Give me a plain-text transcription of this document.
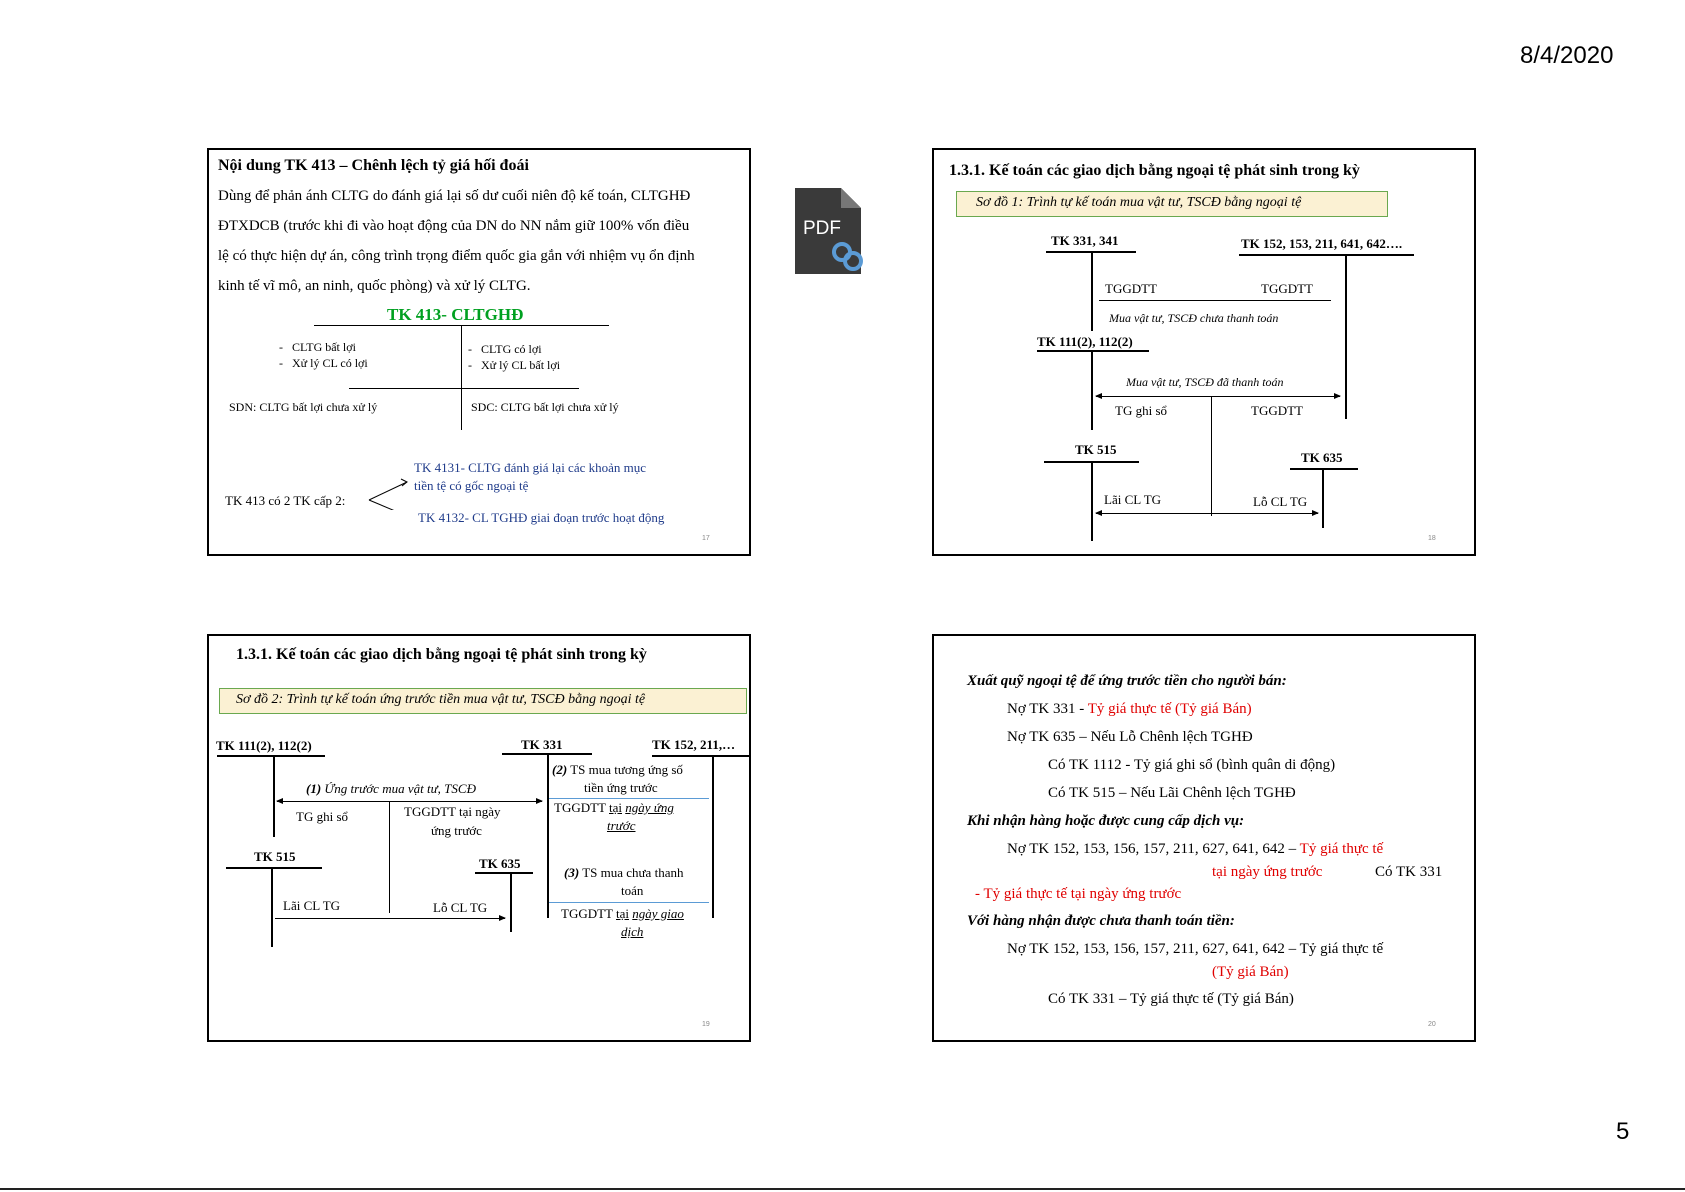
8/4/2020
Nội dung TK 413 – Chênh lệch tỷ giá hối đoái
Dùng để phản ánh CLTG do đánh giá lại số dư cuối niên độ kế toán, CLTGHĐ
ĐTXDCB (trước khi đi vào hoạt động của DN do NN nắm giữ 100% vốn điều
lệ có thực hiện dự án, công trình trọng điểm quốc gia gắn với nhiệm vụ ổn định
kinh tế vĩ mô, an ninh, quốc phòng) và xử lý CLTG.
TK 413- CLTGHĐ
-   CLTG bất lợi
-   Xử lý CL có lợi
-   CLTG có lợi
-   Xử lý CL bất lợi
SDN: CLTG bất lợi chưa xử lý	SDC: CLTG bất lợi chưa xử lý
TK 413 có 2 TK cấp 2:
TK 4131- CLTG đánh giá lại các khoản mục
tiền tệ có gốc ngoại tệ
TK 4132- CL TGHĐ giai đoạn trước hoạt động
17
PDF
1.3.1. Kế toán các giao dịch bằng ngoại tệ phát sinh trong kỳ
Sơ đồ 1: Trình tự kế toán mua vật tư, TSCĐ bằng ngoại tệ
TK 331, 341	TK 152, 153, 211, 641, 642….
TGGDTT	TGGDTT
Mua vật tư, TSCĐ chưa thanh toán
TK 111(2), 112(2)
Mua vật tư, TSCĐ đã thanh toán
TG ghi sổ	TGGDTT
TK 515
TK 635
Lãi CL TG	Lỗ CL TG
18
1.3.1. Kế toán các giao dịch bằng ngoại tệ phát sinh trong kỳ
Sơ đồ 2: Trình tự kế toán ứng trước tiền mua vật tư, TSCĐ bằng ngoại tệ
TK 111(2), 112(2)	TK 331	TK 152, 211,…
(1) Ứng trước mua vật tư, TSCĐ
TG ghi sổ	TGGDTT tại ngày
ứng trước
(2) TS mua tương ứng số
tiền ứng trước
TGGDTT tại ngày ứng
trước
TK 515	TK 635
(3) TS mua chưa thanh
toán
TGGDTT tại ngày giao
dịch
Lãi CL TG	Lỗ CL TG
19
Xuất quỹ ngoại tệ để ứng trước tiền cho người bán:
Nợ TK 331 - Tỷ giá thực tế (Tỷ giá Bán)
Nợ TK 635 – Nếu Lỗ Chênh lệch TGHĐ
Có TK 1112 - Tỷ giá ghi sổ (bình quân di động)
Có TK 515 – Nếu Lãi Chênh lệch TGHĐ
Khi nhận hàng hoặc được cung cấp dịch vụ:
Nợ TK 152, 153, 156, 157, 211, 627, 641, 642 – Tỷ giá thực tế
tại ngày ứng trước	Có TK 331
- Tỷ giá thực tế tại ngày ứng trước
Với hàng nhận được chưa thanh toán tiền:
Nợ TK 152, 153, 156, 157, 211, 627, 641, 642 – Tỷ giá thực tế
(Tỷ giá Bán)
Có TK 331 – Tỷ giá thực tế (Tỷ giá Bán)
20
5
